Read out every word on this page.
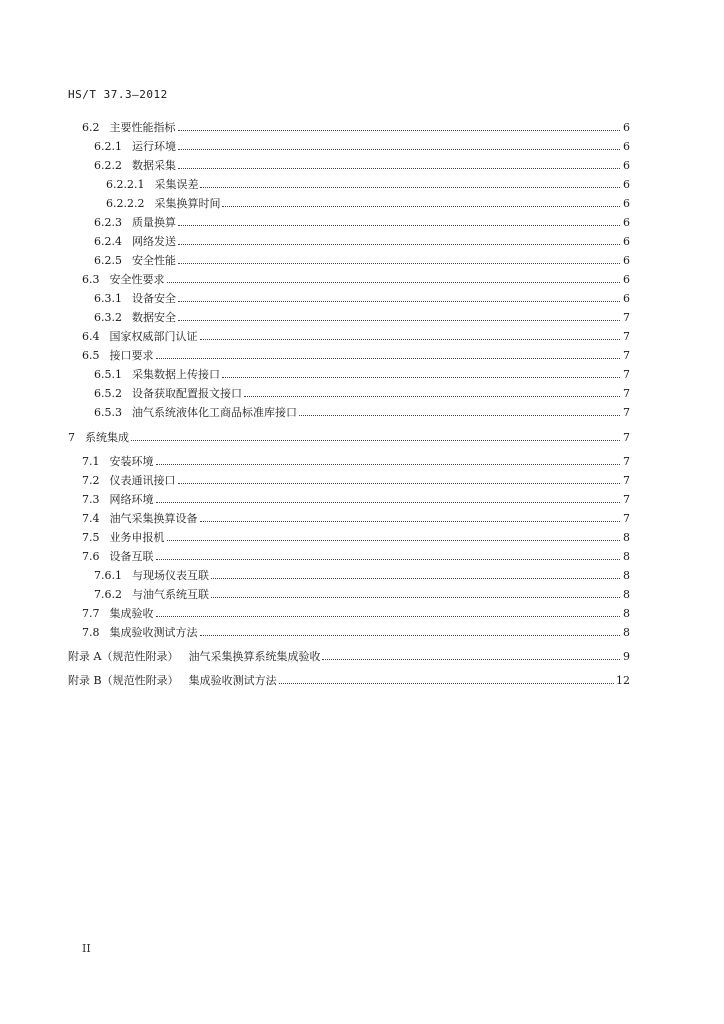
HS/T 37.3—2012
6.2 主要性能指标	6
6.2.1 运行环境	6
6.2.2 数据采集	6
6.2.2.1 采集误差	6
6.2.2.2 采集换算时间	6
6.2.3 质量换算	6
6.2.4 网络发送	6
6.2.5 安全性能	6
6.3 安全性要求	6
6.3.1 设备安全	6
6.3.2 数据安全	7
6.4 国家权威部门认证	7
6.5 接口要求	7
6.5.1 采集数据上传接口	7
6.5.2 设备获取配置报文接口	7
6.5.3 油气系统液体化工商品标准库接口	7
7 系统集成	7
7.1 安装环境	7
7.2 仪表通讯接口	7
7.3 网络环境	7
7.4 油气采集换算设备	7
7.5 业务申报机	8
7.6 设备互联	8
7.6.1 与现场仪表互联	8
7.6.2 与油气系统互联	8
7.7 集成验收	8
7.8 集成验收测试方法	8
附录 A（规范性附录） 油气采集换算系统集成验收	9
附录 B（规范性附录） 集成验收测试方法	12
II
